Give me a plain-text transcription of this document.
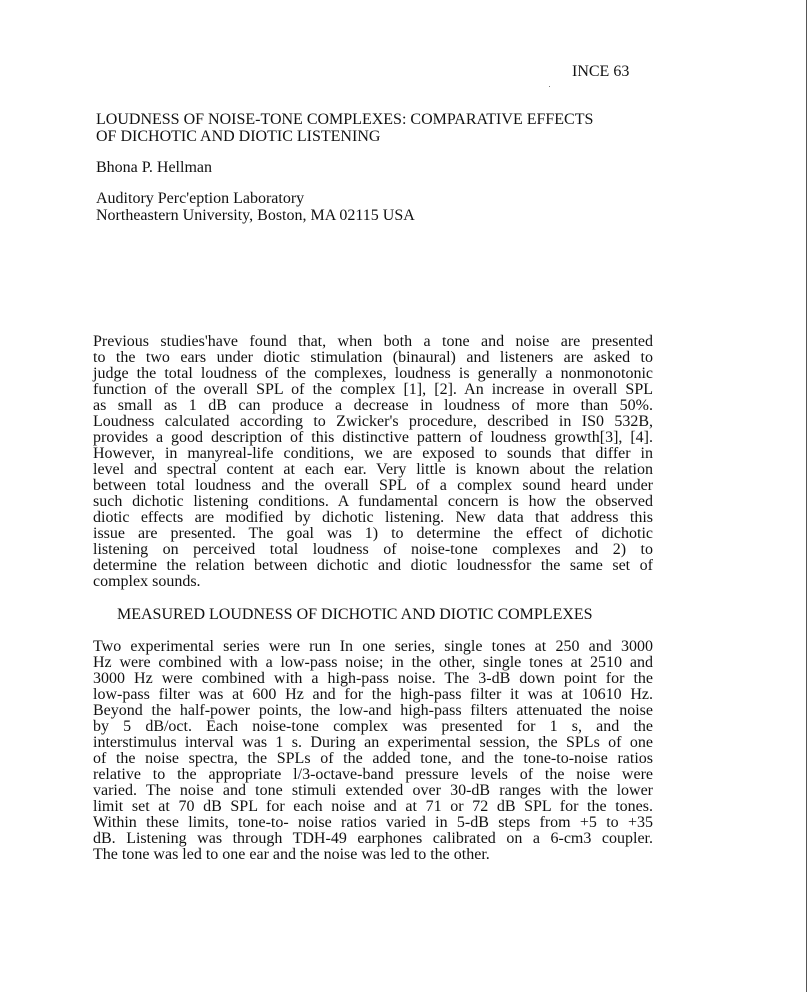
INCE 63
LOUDNESS OF NOISE-TONE COMPLEXES: COMPARATIVE EFFECTS
OF DICHOTIC AND DIOTIC LISTENING
Bhona P. Hellman
Auditory Perc'eption Laboratory
Northeastern University, Boston, MA 02115 USA
Previous studies'have found that, when both a tone and noise are presented
to the two ears under diotic stimulation (binaural) and listeners are asked to
judge the total loudness of the complexes, loudness is generally a nonmonotonic
function of the overall SPL of the complex [1], [2]. An increase in overall SPL
as small as 1 dB can produce a decrease in loudness of more than 50%.
Loudness calculated according to Zwicker's procedure, described in IS0 532B,
provides a good description of this distinctive pattern of loudness growth[3], [4].
However, in manyreal-life conditions, we are exposed to sounds that differ in
level and spectral content at each ear. Very little is known about the relation
between total loudness and the overall SPL of a complex sound heard under
such dichotic listening conditions. A fundamental concern is how the observed
diotic effects are modified by dichotic listening. New data that address this
issue are presented. The goal was 1) to determine the effect of dichotic
listening on perceived total loudness of noise-tone complexes and 2) to
determine the relation between dichotic and diotic loudnessfor the same set of
complex sounds.
MEASURED LOUDNESS OF DICHOTIC AND DIOTIC COMPLEXES
Two experimental series were run In one series, single tones at 250 and 3000
Hz were combined with a low-pass noise; in the other, single tones at 2510 and
3000 Hz were combined with a high-pass noise. The 3-dB down point for the
low-pass filter was at 600 Hz and for the high-pass filter it was at 10610 Hz.
Beyond the half-power points, the low-and high-pass filters attenuated the noise
by 5 dB/oct. Each noise-tone complex was presented for 1 s, and the
interstimulus interval was 1 s. During an experimental session, the SPLs of one
of the noise spectra, the SPLs of the added tone, and the tone-to-noise ratios
relative to the appropriate l/3-octave-band pressure levels of the noise were
varied. The noise and tone stimuli extended over 30-dB ranges with the lower
limit set at 70 dB SPL for each noise and at 71 or 72 dB SPL for the tones.
Within these limits, tone-to- noise ratios varied in 5-dB steps from +5 to +35
dB. Listening was through TDH-49 earphones calibrated on a 6-cm3 coupler.
The tone was led to one ear and the noise was led to the other.
